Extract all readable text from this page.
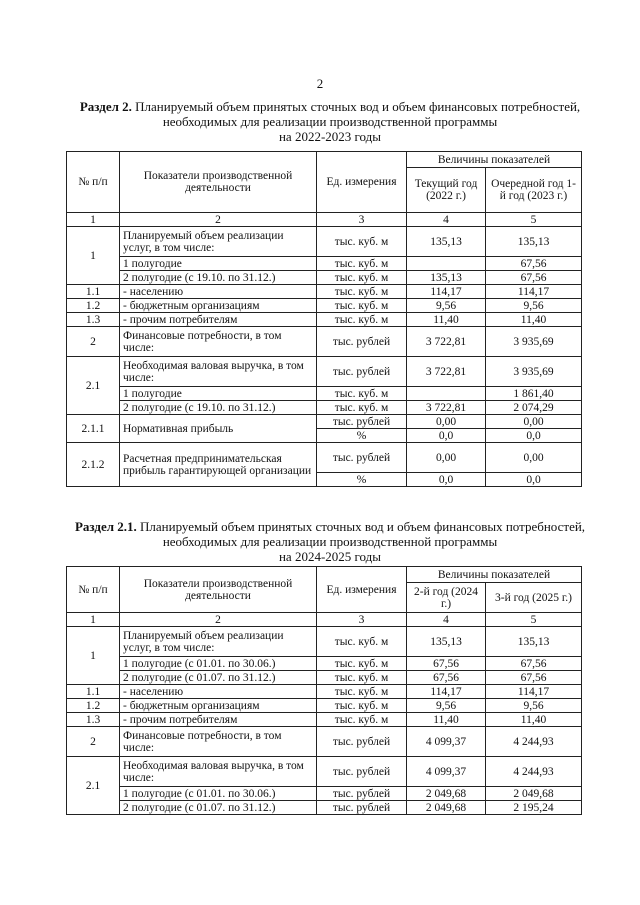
2
Раздел 2. Планируемый объем принятых сточных вод и объем финансовых потребностей, необходимых для реализации производственной программы
на 2022-2023 годы
№ п/п	Показатели производственной деятельности	Ед. измерения	Величины показателей	
			Текущий год (2022 г.)	Очередной год 1-й год (2023 г.)
1	2	3	4	5
1	Планируемый объем реализации услуг, в том числе:	тыс. куб. м	135,13	135,13
	1 полугодие	тыс. куб. м		67,56
	2 полугодие (с 19.10. по 31.12.)	тыс. куб. м	135,13	67,56
1.1	- населению	тыс. куб. м	114,17	114,17
1.2	- бюджетным организациям	тыс. куб. м	9,56	9,56
1.3	- прочим потребителям	тыс. куб. м	11,40	11,40
2	Финансовые потребности, в том числе:	тыс. рублей	3 722,81	3 935,69
2.1	Необходимая валовая выручка, в том числе:	тыс. рублей	3 722,81	3 935,69
	1 полугодие	тыс. куб. м		1 861,40
	2 полугодие (с 19.10. по 31.12.)	тыс. куб. м	3 722,81	2 074,29
2.1.1	Нормативная прибыль	тыс. рублей	0,00	0,00
		%	0,0	0,0
2.1.2	Расчетная предпринимательская прибыль гарантирующей организации	тыс. рублей	0,00	0,00
		%	0,0	0,0
Раздел 2.1. Планируемый объем принятых сточных вод и объем финансовых потребностей, необходимых для реализации производственной программы
на 2024-2025 годы
№ п/п	Показатели производственной деятельности	Ед. измерения	Величины показателей	
			2-й год (2024 г.)	3-й год (2025 г.)
1	2	3	4	5
1	Планируемый объем реализации услуг, в том числе:	тыс. куб. м	135,13	135,13
	1 полугодие (с 01.01. по 30.06.)	тыс. куб. м	67,56	67,56
	2 полугодие (с 01.07. по 31.12.)	тыс. куб. м	67,56	67,56
1.1	- населению	тыс. куб. м	114,17	114,17
1.2	- бюджетным организациям	тыс. куб. м	9,56	9,56
1.3	- прочим потребителям	тыс. куб. м	11,40	11,40
2	Финансовые потребности, в том числе:	тыс. рублей	4 099,37	4 244,93
2.1	Необходимая валовая выручка, в том числе:	тыс. рублей	4 099,37	4 244,93
	1 полугодие (с 01.01. по 30.06.)	тыс. рублей	2 049,68	2 049,68
	2 полугодие (с 01.07. по 31.12.)	тыс. рублей	2 049,68	2 195,24
